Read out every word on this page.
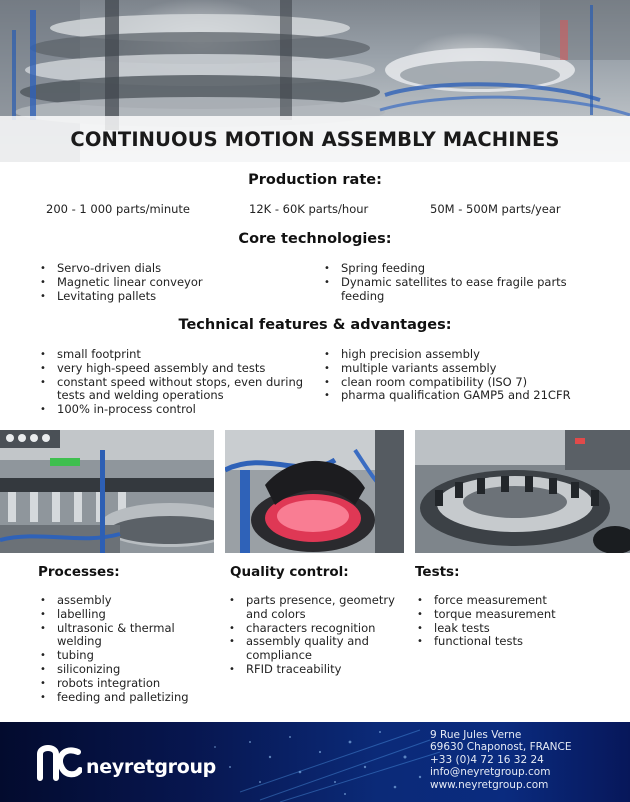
CONTINUOUS MOTION ASSEMBLY MACHINES
Production rate:
200 - 1 000 parts/minute	12K - 60K parts/hour	50M - 500M parts/year
Core technologies:
• Servo-driven dials
• Magnetic linear conveyor
• Levitating pallets
• Spring feeding
• Dynamic satellites to ease fragile parts feeding
Technical features & advantages:
• small footprint
• very high-speed assembly and tests
• constant speed without stops, even during tests and welding operations
• 100% in-process control
• high precision assembly
• multiple variants assembly
• clean room compatibility (ISO 7)
• pharma qualification GAMP5 and 21CFR
Processes:
• assembly
• labelling
• ultrasonic & thermal welding
• tubing
• siliconizing
• robots integration
• feeding and palletizing
Quality control:
• parts presence, geometry and colors
• characters recognition
• assembly quality and compliance
• RFID traceability
Tests:
• force measurement
• torque measurement
• leak tests
• functional tests
neyretgroup
9 Rue Jules Verne
69630 Chaponost, FRANCE
+33 (0)4 72 16 32 24
info@neyretgroup.com
www.neyretgroup.com
